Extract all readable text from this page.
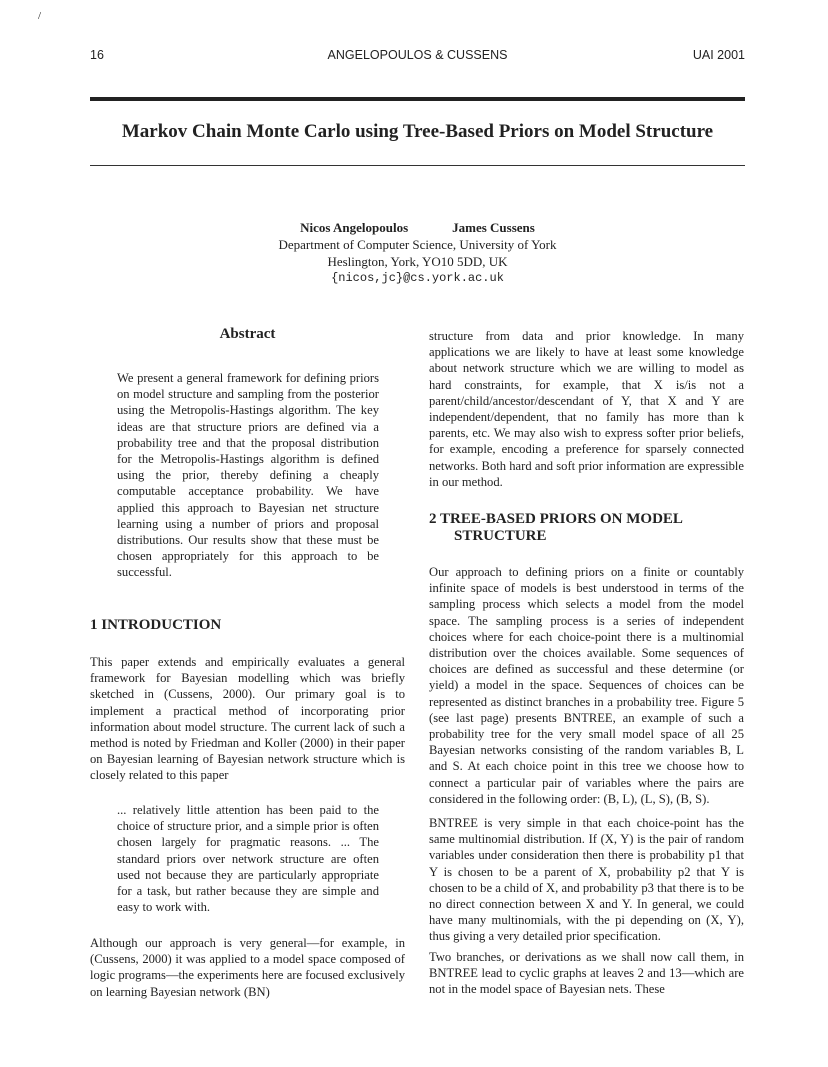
/
16	ANGELOPOULOS & CUSSENS	UAI 2001
Markov Chain Monte Carlo using Tree-Based Priors on Model Structure
Nicos Angelopoulos	James Cussens
Department of Computer Science, University of York
Heslington, York, YO10 5DD, UK
{nicos,jc}@cs.york.ac.uk
Abstract
We present a general framework for defining priors on model structure and sampling from the posterior using the Metropolis-Hastings algorithm. The key ideas are that structure priors are defined via a probability tree and that the proposal distribution for the Metropolis-Hastings algorithm is defined using the prior, thereby defining a cheaply computable acceptance probability. We have applied this approach to Bayesian net structure learning using a number of priors and proposal distributions. Our results show that these must be chosen appropriately for this approach to be successful.
1 INTRODUCTION
This paper extends and empirically evaluates a general framework for Bayesian modelling which was briefly sketched in (Cussens, 2000). Our primary goal is to implement a practical method of incorporating prior information about model structure. The current lack of such a method is noted by Friedman and Koller (2000) in their paper on Bayesian learning of Bayesian network structure which is closely related to this paper
... relatively little attention has been paid to the choice of structure prior, and a simple prior is often chosen largely for pragmatic reasons. ... The standard priors over network structure are often used not because they are particularly appropriate for a task, but rather because they are simple and easy to work with.
Although our approach is very general—for example, in (Cussens, 2000) it was applied to a model space composed of logic programs—the experiments here are focused exclusively on learning Bayesian network (BN)
structure from data and prior knowledge. In many applications we are likely to have at least some knowledge about network structure which we are willing to model as hard constraints, for example, that X is/is not a parent/child/ancestor/descendant of Y, that X and Y are independent/dependent, that no family has more than k parents, etc. We may also wish to express softer prior beliefs, for example, encoding a preference for sparsely connected networks. Both hard and soft prior information are expressible in our method.
2 TREE-BASED PRIORS ON MODEL
STRUCTURE
Our approach to defining priors on a finite or countably infinite space of models is best understood in terms of the sampling process which selects a model from the model space. The sampling process is a series of independent choices where for each choice-point there is a multinomial distribution over the choices available. Some sequences of choices are defined as successful and these determine (or yield) a model in the space. Sequences of choices can be represented as distinct branches in a probability tree. Figure 5 (see last page) presents BNTREE, an example of such a probability tree for the very small model space of all 25 Bayesian networks consisting of the random variables B, L and S. At each choice point in this tree we choose how to connect a particular pair of variables where the pairs are considered in the following order: (B, L), (L, S), (B, S).
BNTREE is very simple in that each choice-point has the same multinomial distribution. If (X, Y) is the pair of random variables under consideration then there is probability p1 that Y is chosen to be a parent of X, probability p2 that Y is chosen to be a child of X, and probability p3 that there is to be no direct connection between X and Y. In general, we could have many multinomials, with the pi depending on (X, Y), thus giving a very detailed prior specification.
Two branches, or derivations as we shall now call them, in BNTREE lead to cyclic graphs at leaves 2 and 13—which are not in the model space of Bayesian nets. These
